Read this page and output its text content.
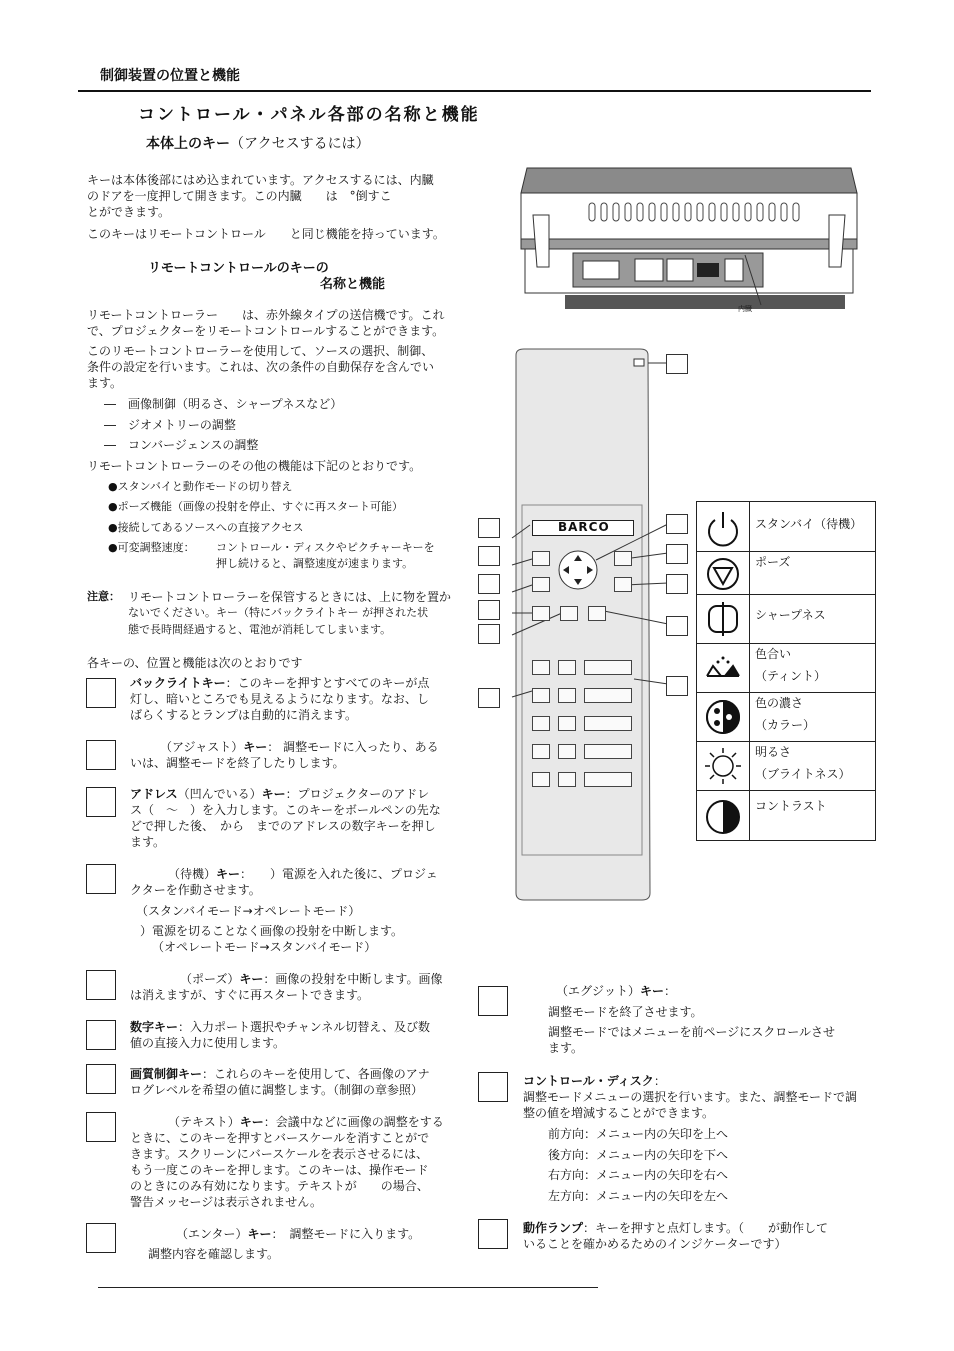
制御装置の位置と機能
コントロール・パネル各部の名称と機能
本体上のキー（アクセスするには）
キーは本体後部にはめ込まれています。アクセスするには、内臓
のドアを一度押して開きます。この内臓　　は　°倒すこ
とができます。
このキーはリモートコントロール　　と同じ機能を持っています。
リモートコントロールのキーの
名称と機能
リモートコントローラー　　は、赤外線タイプの送信機です。これ
で、プロジェクターをリモートコントロールすることができます。
このリモートコントローラーを使用して、ソースの選択、制御、
条件の設定を行います。これは、次の条件の自動保存を含んでい
ます。
―　画像制御（明るさ、シャープネスなど）
―　ジオメトリーの調整
―　コンバージェンスの調整
リモートコントローラーのその他の機能は下記のとおりです。
●スタンバイと動作モードの切り替え
●ポーズ機能（画像の投射を停止、すぐに再スタート可能）
●接続してあるソースへの直接アクセス
●可変調整速度： コントロール・ディスクやピクチャーキーを
押し続けると、調整速度が速まります。
注意： リモートコントローラーを保管するときには、上に物を置か
ないでください。キー（特にバックライトキー が押された状
態で長時間経過すると、電池が消耗してしまいます。
各キーの、位置と機能は次のとおりです
バックライトキー：このキーを押すとすべてのキーが点
灯し、暗いところでも見えるようになります。なお、し
ばらくするとランプは自動的に消えます。
（アジャスト）キー： 調整モードに入ったり、ある
いは、調整モードを終了したりします。
アドレス（凹んでいる）キー：プロジェクターのアドレ
ス（　～　）を入力します。このキーをボールペンの先な
どで押した後、　から　までのアドレスの数字キーを押し
ます。
（待機）キー：　　）電源を入れた後に、プロジェ
クターを作動させます。
（スタンバイモード→オペレートモード）
）電源を切ることなく画像の投射を中断します。
（オペレートモード→スタンバイモード）
（ポーズ）キー：画像の投射を中断します。画像
は消えますが、すぐに再スタートできます。
数字キー：入力ポート選択やチャンネル切替え、及び数
値の直接入力に使用します。
画質制御キー：これらのキーを使用して、各画像のアナ
ログレベルを希望の値に調整します。（制御の章参照）
（テキスト）キー：会議中などに画像の調整をする
ときに、このキーを押すとバースケールを消すことがで
きます。スクリーンにバースケールを表示させるには、
もう一度このキーを押します。このキーは、操作モード
のときにのみ有効になります。テキストが　　の場合、
警告メッセージは表示されません。
（エンター）キー：　調整モードに入ります。
調整内容を確認します。
（エグジット）キー：
調整モードを終了させます。
調整モードではメニューを前ページにスクロールさせ
ます。
コントロール・ディスク：
調整モードメニューの選択を行います。また、調整モードで調
整の値を増減することができます。
前方向：メニュー内の矢印を上へ
後方向：メニュー内の矢印を下へ
右方向：メニュー内の矢印を右へ
左方向：メニュー内の矢印を左へ
動作ランプ：キーを押すと点灯します。（　　が動作して
いることを確かめるためのインジケーターです）
内臓
BARCO	スタンバイ（待機）
ポーズ
シャープネス
色合い
（ティント）
色の濃さ
（カラー）
明るさ
（ブライトネス）
コントラスト
